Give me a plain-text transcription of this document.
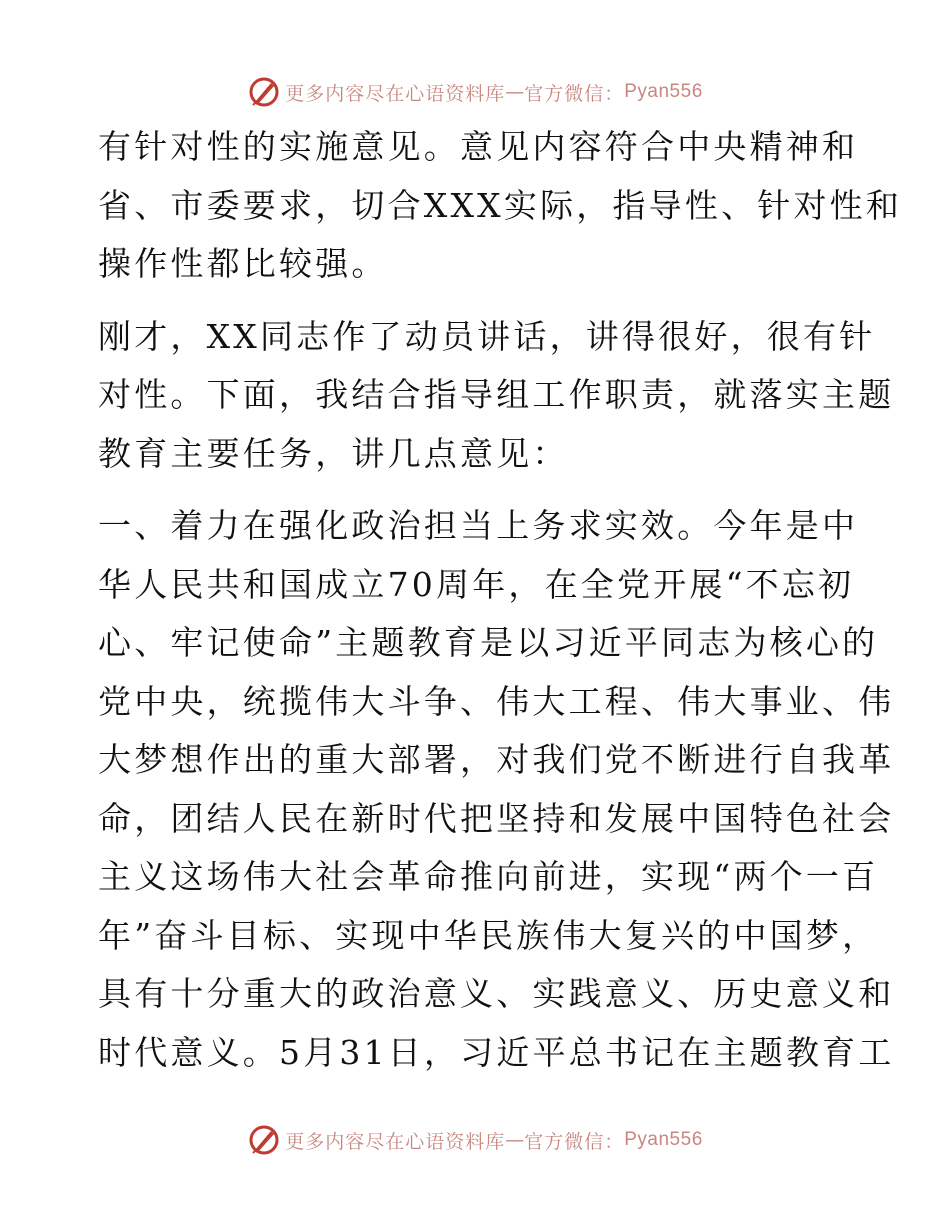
更多内容尽在心语资料库 — 官方微信： Pyan556
有针对性的实施意见。意见内容符合中央精神和
省、市委要求，切合XXX实际，指导性、针对性和
操作性都比较强。
刚才，XX同志作了动员讲话，讲得很好，很有针
对性。下面，我结合指导组工作职责，就落实主题
教育主要任务，讲几点意见：
一、着力在强化政治担当上务求实效。今年是中
华人民共和国成立70周年，在全党开展“不忘初
心、牢记使命”主题教育是以习近平同志为核心的
党中央，统揽伟大斗争、伟大工程、伟大事业、伟
大梦想作出的重大部署，对我们党不断进行自我革
命，团结人民在新时代把坚持和发展中国特色社会
主义这场伟大社会革命推向前进，实现“两个一百
年”奋斗目标、实现中华民族伟大复兴的中国梦，
具有十分重大的政治意义、实践意义、历史意义和
时代意义。5月31日，习近平总书记在主题教育工
更多内容尽在心语资料库 — 官方微信： Pyan556
